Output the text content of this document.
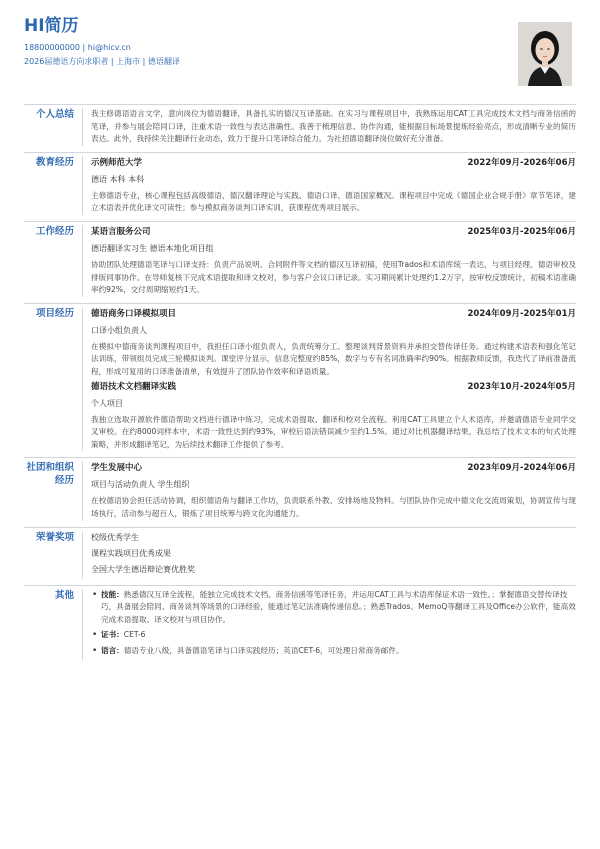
HI简历
18800000000 | hi@hicv.cn
2026届德语方向求职者 | 上海市 | 德语翻译
个人总结	我主修德语语言文学，意向岗位为德语翻译，具备扎实的德汉互译基础。在实习与课程项目中，我熟练运用CAT工具完成技术文档与商务信函的笔译，并参与展会陪同口译，注重术语一致性与表达准确性。我善于梳理信息、协作沟通，能根据目标场景提炼经验亮点，形成清晰专业的简历表达。此外，我持续关注翻译行业动态，致力于提升口笔译综合能力，为社招德语翻译岗位做好充分准备。
教育经历	示例师范大学	2022年09月-2026年06月
德语 本科 本科
主修德语专业，核心课程包括高级德语、德汉翻译理论与实践、德语口译、德语国家概况。课程项目中完成《德国企业合规手册》章节笔译，建立术语表并优化译文可读性；参与模拟商务谈判口译实训，获课程优秀项目展示。
工作经历	某语言服务公司	2025年03月-2025年06月
德语翻译实习生 德语本地化项目组
协助团队处理德语笔译与口译支持：负责产品说明、合同附件等文档的德汉互译初稿，使用Trados和术语库统一表达，与项目经理、德语审校及排版同事协作。在导师复核下完成术语提取和译文校对，参与客户会议口译记录。实习期间累计处理约1.2万字，按审校反馈统计，初稿术语准确率约92%，交付周期缩短约1天。
项目经历	德语商务口译模拟项目	2024年09月-2025年01月
口译小组负责人
在模拟中德商务谈判课程项目中，我担任口译小组负责人，负责统筹分工、整理谈判背景资料并承担交替传译任务。通过构建术语表和强化笔记法训练，带领组员完成三轮模拟谈判。课堂评分显示，信息完整度约85%，数字与专有名词准确率约90%。根据教师反馈，我迭代了译前准备流程，形成可复用的口译准备清单，有效提升了团队协作效率和译语质量。
德语技术文档翻译实践	2023年10月-2024年05月
个人项目
我独立选取开源软件德语帮助文档进行德译中练习，完成术语提取、翻译和校对全流程。利用CAT工具建立个人术语库，并邀请德语专业同学交叉审校。在约8000词样本中，术语一致性达到约93%，审校后语法错误减少至约1.5%。通过对比机器翻译结果，我总结了技术文本的句式处理策略，并形成翻译笔记，为后续技术翻译工作提供了参考。
社团和组织
经历
学生发展中心	2023年09月-2024年06月
项目与活动负责人 学生组织
在校德语协会担任活动协调，组织德语角与翻译工作坊，负责联系外教、安排场地及物料。与团队协作完成中德文化交流周策划，协调宣传与现场执行，活动参与超百人，锻炼了项目统筹与跨文化沟通能力。
荣誉奖项	校级优秀学生
课程实践项目优秀成果
全国大学生德语辩论赛优胜奖
其他
•	技能：熟悉德汉互译全流程，能独立完成技术文档、商务信函等笔译任务，并运用CAT工具与术语库保证术语一致性。；掌握德语交替传译技巧，具备展会陪同、商务谈判等场景的口译经验，能通过笔记法准确传递信息。；熟悉Trados、MemoQ等翻译工具及Office办公软件，能高效完成术语提取、译文校对与项目协作。
• 证书：CET-6
• 语言：德语专业八级，具备德语笔译与口译实践经历；英语CET-6，可处理日常商务邮件。
